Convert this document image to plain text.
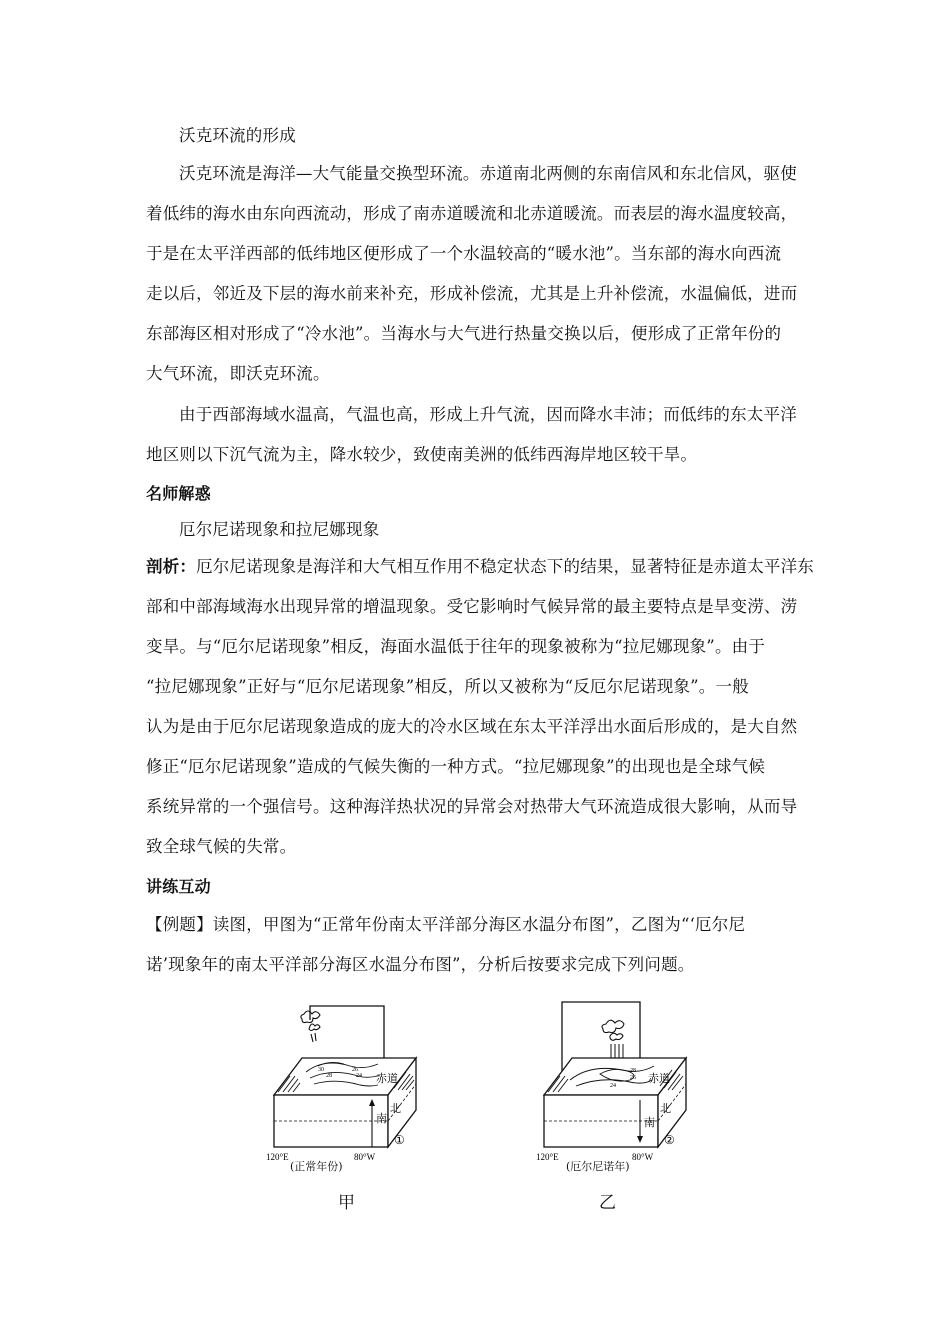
沃克环流的形成
沃克环流是海洋—大气能量交换型环流。赤道南北两侧的东南信风和东北信风，驱使
着低纬的海水由东向西流动，形成了南赤道暖流和北赤道暖流。而表层的海水温度较高，
于是在太平洋西部的低纬地区便形成了一个水温较高的“暖水池”。当东部的海水向西流
走以后，邻近及下层的海水前来补充，形成补偿流，尤其是上升补偿流，水温偏低，进而
东部海区相对形成了“冷水池”。当海水与大气进行热量交换以后，便形成了正常年份的
大气环流，即沃克环流。
由于西部海域水温高，气温也高，形成上升气流，因而降水丰沛；而低纬的东太平洋
地区则以下沉气流为主，降水较少，致使南美洲的低纬西海岸地区较干旱。
名师解惑
厄尔尼诺现象和拉尼娜现象
剖析：厄尔尼诺现象是海洋和大气相互作用不稳定状态下的结果，显著特征是赤道太平洋东
部和中部海域海水出现异常的增温现象。受它影响时气候异常的最主要特点是旱变涝、涝
变旱。与“厄尔尼诺现象”相反，海面水温低于往年的现象被称为“拉尼娜现象”。由于
“拉尼娜现象”正好与“厄尔尼诺现象”相反，所以又被称为“反厄尔尼诺现象”。一般
认为是由于厄尔尼诺现象造成的庞大的冷水区域在东太平洋浮出水面后形成的，是大自然
修正“厄尔尼诺现象”造成的气候失衡的一种方式。“拉尼娜现象”的出现也是全球气候
系统异常的一个强信号。这种海洋热状况的异常会对热带大气环流造成很大影响，从而导
致全球气候的失常。
讲练互动
【例题】读图，甲图为“正常年份南太平洋部分海区水温分布图”，乙图为“‘厄尔尼
诺’现象年的南太平洋部分海区水温分布图”，分析后按要求完成下列问题。
30
28
26
24 赤道
北
南
①
120°E	80°W
(正常年份)
28
26
24
赤道
北
南
②
120°E	80°W
(厄尔尼诺年)
甲	乙
